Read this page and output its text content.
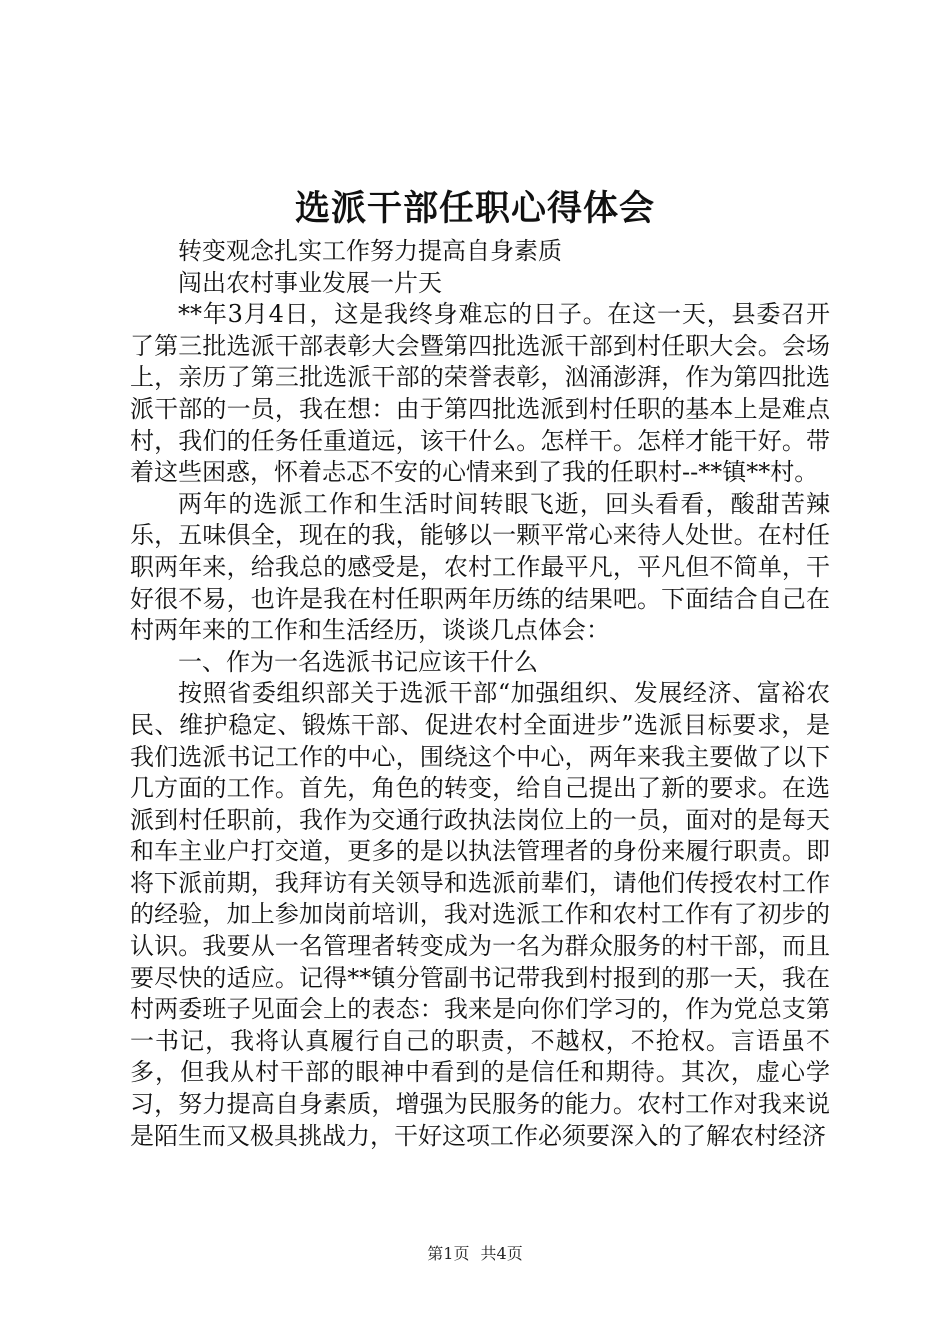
选派干部任职心得体会

转变观念扎实工作努力提高自身素质

闯出农村事业发展一片天

**年3月4日，这是我终身难忘的日子。在这一天，县委召开了第三批选派干部表彰大会暨第四批选派干部到村任职大会。会场上，亲历了第三批选派干部的荣誉表彰，汹涌澎湃，作为第四批选派干部的一员，我在想：由于第四批选派到村任职的基本上是难点村，我们的任务任重道远，该干什么。怎样干。怎样才能干好。带着这些困惑，怀着忐忑不安的心情来到了我的任职村--**镇**村。

两年的选派工作和生活时间转眼飞逝，回头看看，酸甜苦辣乐，五味俱全，现在的我，能够以一颗平常心来待人处世。在村任职两年来，给我总的感受是，农村工作最平凡，平凡但不简单，干好很不易，也许是我在村任职两年历练的结果吧。下面结合自己在村两年来的工作和生活经历，谈谈几点体会：

一、作为一名选派书记应该干什么

按照省委组织部关于选派干部“加强组织、发展经济、富裕农民、维护稳定、锻炼干部、促进农村全面进步”选派目标要求，是我们选派书记工作的中心，围绕这个中心，两年来我主要做了以下几方面的工作。首先，角色的转变，给自己提出了新的要求。在选派到村任职前，我作为交通行政执法岗位上的一员，面对的是每天和车主业户打交道，更多的是以执法管理者的身份来履行职责。即将下派前期，我拜访有关领导和选派前辈们，请他们传授农村工作的经验，加上参加岗前培训，我对选派工作和农村工作有了初步的认识。我要从一名管理者转变成为一名为群众服务的村干部，而且要尽快的适应。记得**镇分管副书记带我到村报到的那一天，我在村两委班子见面会上的表态：我来是向你们学习的，作为党总支第一书记，我将认真履行自己的职责，不越权，不抢权。言语虽不多，但我从村干部的眼神中看到的是信任和期待。其次，虚心学习，努力提高自身素质，增强为民服务的能力。农村工作对我来说是陌生而又极具挑战力，干好这项工作必须要深入的了解农村经济

第1页 共4页
